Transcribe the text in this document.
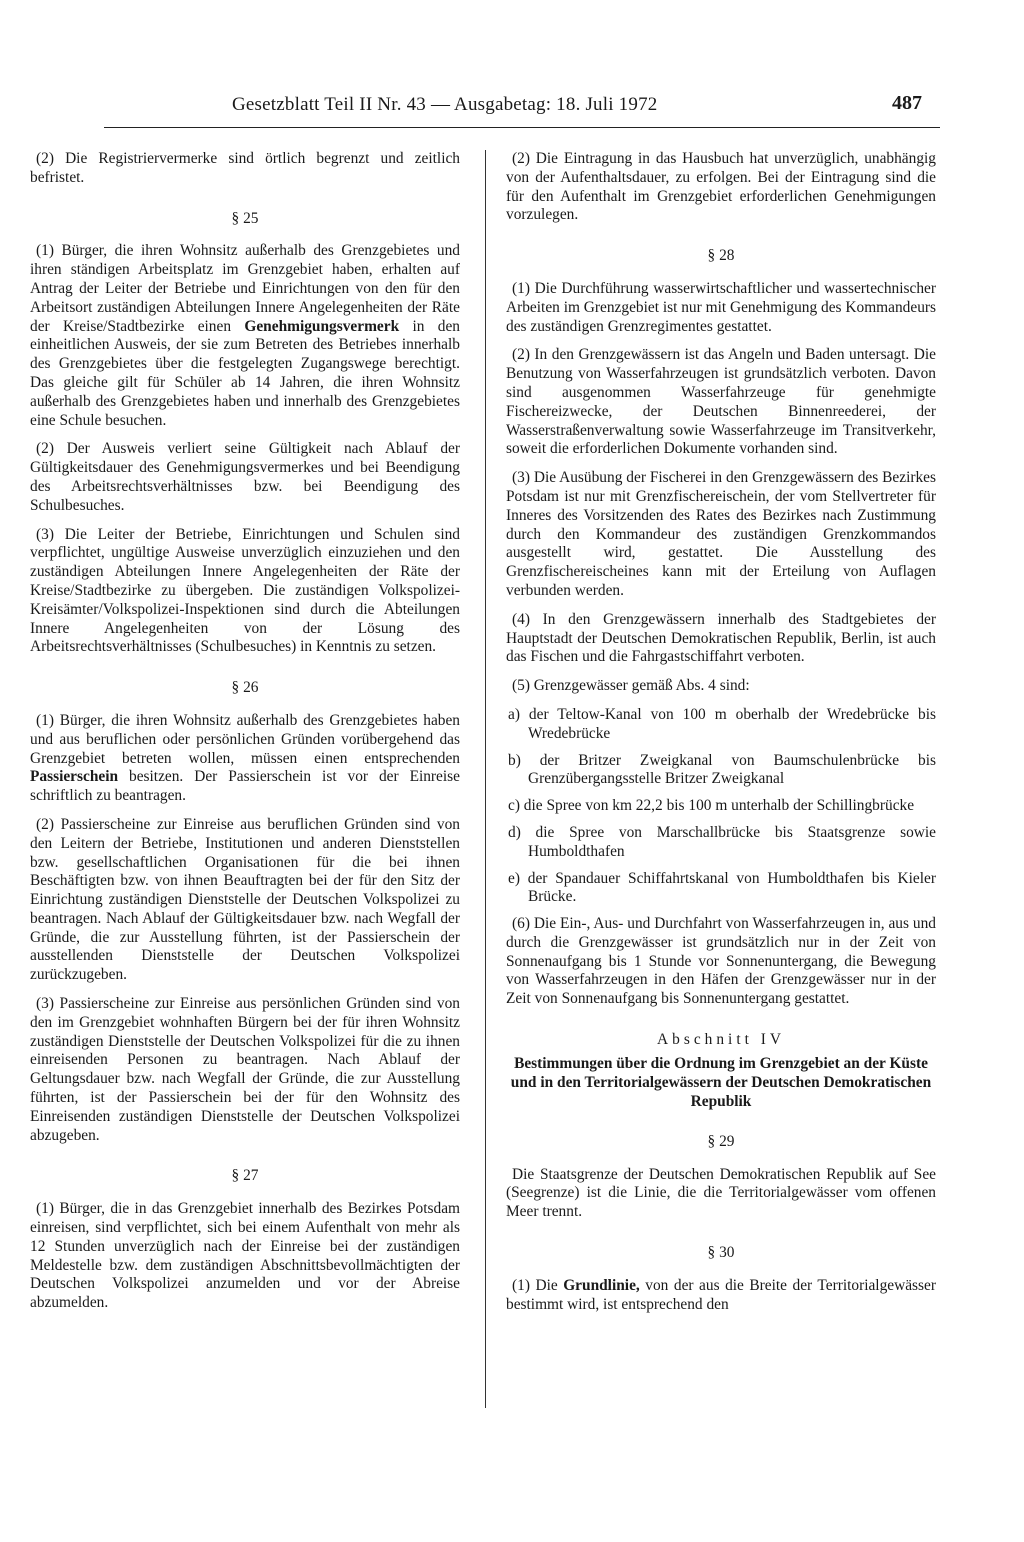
Gesetzblatt Teil II Nr. 43 — Ausgabetag: 18. Juli 1972	487

(2) Die Registriervermerke sind örtlich begrenzt und zeitlich befristet.

§ 25

(1) Bürger, die ihren Wohnsitz außerhalb des Grenzgebietes und ihren ständigen Arbeitsplatz im Grenzgebiet haben, erhalten auf Antrag der Leiter der Betriebe und Einrichtungen von den für den Arbeitsort zuständigen Abteilungen Innere Angelegenheiten der Räte der Kreise/Stadtbezirke einen Genehmigungsvermerk in den einheitlichen Ausweis, der sie zum Betreten des Betriebes innerhalb des Grenzgebietes über die festgelegten Zugangswege berechtigt. Das gleiche gilt für Schüler ab 14 Jahren, die ihren Wohnsitz außerhalb des Grenzgebietes haben und innerhalb des Grenzgebietes eine Schule besuchen.

(2) Der Ausweis verliert seine Gültigkeit nach Ablauf der Gültigkeitsdauer des Genehmigungsvermerkes und bei Beendigung des Arbeitsrechtsverhältnisses bzw. bei Beendigung des Schulbesuches.

(3) Die Leiter der Betriebe, Einrichtungen und Schulen sind verpflichtet, ungültige Ausweise unverzüglich einzuziehen und den zuständigen Abteilungen Innere Angelegenheiten der Räte der Kreise/Stadtbezirke zu übergeben. Die zuständigen Volkspolizei-Kreisämter/Volkspolizei-Inspektionen sind durch die Abteilungen Innere Angelegenheiten von der Lösung des Arbeitsrechtsverhältnisses (Schulbesuches) in Kenntnis zu setzen.

§ 26

(1) Bürger, die ihren Wohnsitz außerhalb des Grenzgebietes haben und aus beruflichen oder persönlichen Gründen vorübergehend das Grenzgebiet betreten wollen, müssen einen entsprechenden Passierschein besitzen. Der Passierschein ist vor der Einreise schriftlich zu beantragen.

(2) Passierscheine zur Einreise aus beruflichen Gründen sind von den Leitern der Betriebe, Institutionen und anderen Dienststellen bzw. gesellschaftlichen Organisationen für die bei ihnen Beschäftigten bzw. von ihnen Beauftragten bei der für den Sitz der Einrichtung zuständigen Dienststelle der Deutschen Volkspolizei zu beantragen. Nach Ablauf der Gültigkeitsdauer bzw. nach Wegfall der Gründe, die zur Ausstellung führten, ist der Passierschein der ausstellenden Dienststelle der Deutschen Volkspolizei zurückzugeben.

(3) Passierscheine zur Einreise aus persönlichen Gründen sind von den im Grenzgebiet wohnhaften Bürgern bei der für ihren Wohnsitz zuständigen Dienststelle der Deutschen Volkspolizei für die zu ihnen einreisenden Personen zu beantragen. Nach Ablauf der Geltungsdauer bzw. nach Wegfall der Gründe, die zur Ausstellung führten, ist der Passierschein bei der für den Wohnsitz des Einreisenden zuständigen Dienststelle der Deutschen Volkspolizei abzugeben.

§ 27

(1) Bürger, die in das Grenzgebiet innerhalb des Bezirkes Potsdam einreisen, sind verpflichtet, sich bei einem Aufenthalt von mehr als 12 Stunden unverzüglich nach der Einreise bei der zuständigen Meldestelle bzw. dem zuständigen Abschnittsbevollmächtigten der Deutschen Volkspolizei anzumelden und vor der Abreise abzumelden.

(2) Die Eintragung in das Hausbuch hat unverzüglich, unabhängig von der Aufenthaltsdauer, zu erfolgen. Bei der Eintragung sind die für den Aufenthalt im Grenzgebiet erforderlichen Genehmigungen vorzulegen.

§ 28

(1) Die Durchführung wasserwirtschaftlicher und wassertechnischer Arbeiten im Grenzgebiet ist nur mit Genehmigung des Kommandeurs des zuständigen Grenzregimentes gestattet.

(2) In den Grenzgewässern ist das Angeln und Baden untersagt. Die Benutzung von Wasserfahrzeugen ist grundsätzlich verboten. Davon sind ausgenommen Wasserfahrzeuge für genehmigte Fischereizwecke, der Deutschen Binnenreederei, der Wasserstraßenverwaltung sowie Wasserfahrzeuge im Transitverkehr, soweit die erforderlichen Dokumente vorhanden sind.

(3) Die Ausübung der Fischerei in den Grenzgewässern des Bezirkes Potsdam ist nur mit Grenzfischereischein, der vom Stellvertreter für Inneres des Vorsitzenden des Rates des Bezirkes nach Zustimmung durch den Kommandeur des zuständigen Grenzkommandos ausgestellt wird, gestattet. Die Ausstellung des Grenzfischereischeines kann mit der Erteilung von Auflagen verbunden werden.

(4) In den Grenzgewässern innerhalb des Stadtgebietes der Hauptstadt der Deutschen Demokratischen Republik, Berlin, ist auch das Fischen und die Fahrgastschiffahrt verboten.

(5) Grenzgewässer gemäß Abs. 4 sind:

a) der Teltow-Kanal von 100 m oberhalb der Wredebrücke bis Wredebrücke

b) der Britzer Zweigkanal von Baumschulenbrücke bis Grenzübergangsstelle Britzer Zweigkanal

c) die Spree von km 22,2 bis 100 m unterhalb der Schillingbrücke

d) die Spree von Marschallbrücke bis Staatsgrenze sowie Humboldthafen

e) der Spandauer Schiffahrtskanal von Humboldthafen bis Kieler Brücke.

(6) Die Ein-, Aus- und Durchfahrt von Wasserfahrzeugen in, aus und durch die Grenzgewässer ist grundsätzlich nur in der Zeit von Sonnenaufgang bis 1 Stunde vor Sonnenuntergang, die Bewegung von Wasserfahrzeugen in den Häfen der Grenzgewässer nur in der Zeit von Sonnenaufgang bis Sonnenuntergang gestattet.

Abschnitt IV
Bestimmungen über die Ordnung im Grenzgebiet an der Küste und in den Territorialgewässern der Deutschen Demokratischen Republik
§ 29

Die Staatsgrenze der Deutschen Demokratischen Republik auf See (Seegrenze) ist die Linie, die die Territorialgewässer vom offenen Meer trennt.

§ 30

(1) Die Grundlinie, von der aus die Breite der Territorialgewässer bestimmt wird, ist entsprechend den
